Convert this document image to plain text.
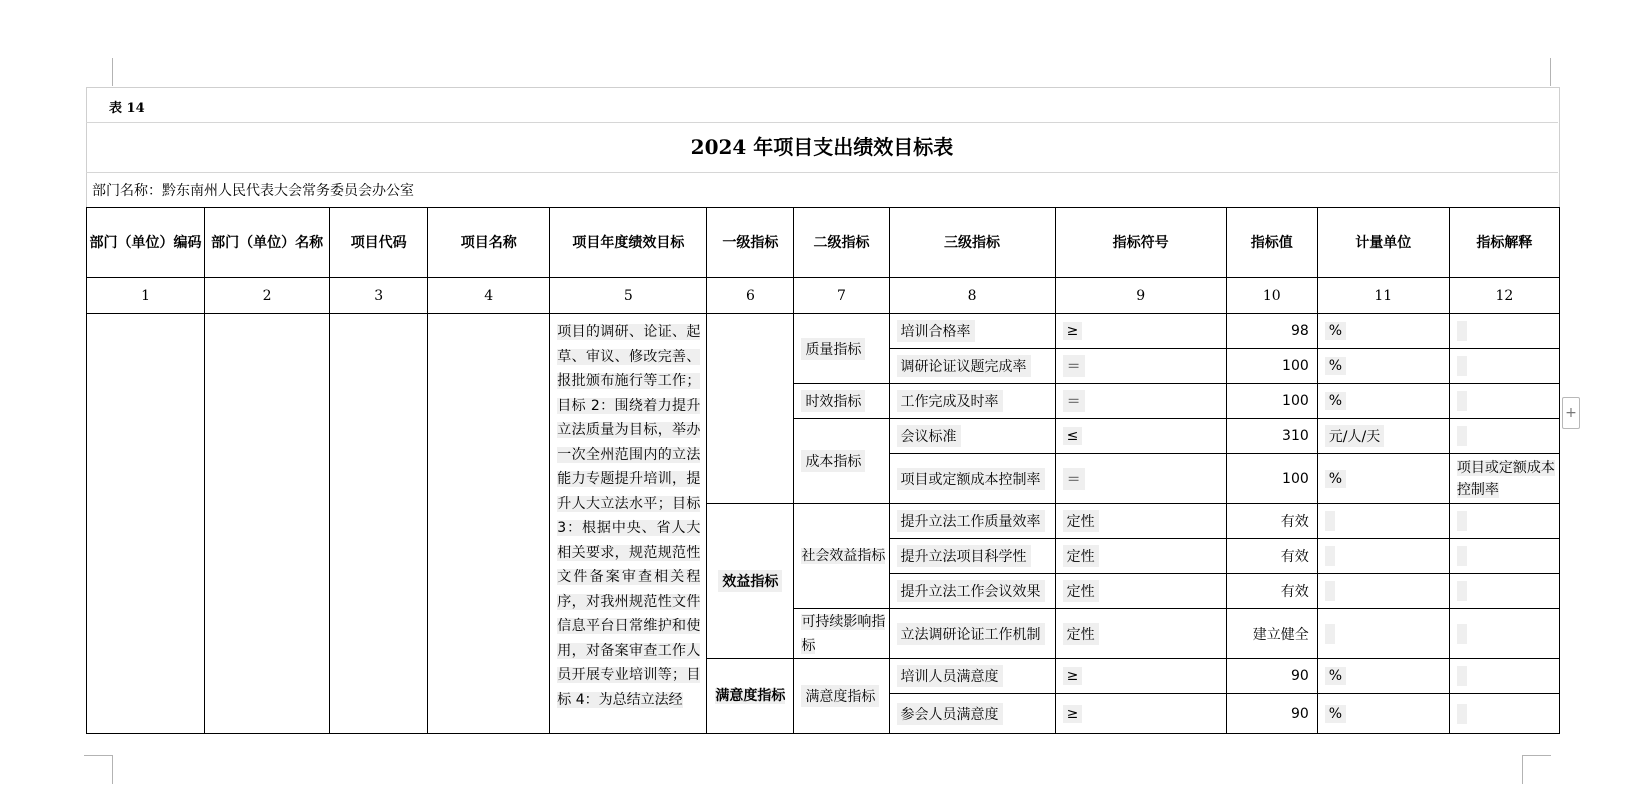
表 14
2024 年项目支出绩效目标表
部门名称：黔东南州人民代表大会常务委员会办公室
部门（单位）编码	部门（单位）名称	项目代码	项目名称	项目年度绩效目标	一级指标	二级指标	三级指标	指标符号	指标值	计量单位	指标解释
1	2	3	4	5	6	7	8	9	10	11	12
				项目的调研、论证、起草、审议、修改完善、报批颁布施行等工作；目标 2：围绕着力提升立法质量为目标，举办一次全州范围内的立法能力专题提升培训，提升人大立法水平；目标 3：根据中央、省人大相关要求，规范规范性文件备案审查相关程序，对我州规范性文件信息平台日常维护和使用，对备案审查工作人员开展专业培训等；目标 4：为总结立法经		质量指标	培训合格率	≥	98	%	
							调研论证议题完成率	＝	100	%	
						时效指标	工作完成及时率	＝	100	%	
						成本指标	会议标准	≤	310	元/人/天	
							项目或定额成本控制率	＝	100	%	项目或定额成本控制率
					效益指标	社会效益指标	提升立法工作质量效率	定性	有效		
							提升立法项目科学性	定性	有效		
							提升立法工作会议效果	定性	有效		
						可持续影响指标	立法调研论证工作机制	定性	建立健全		
					满意度指标	满意度指标	培训人员满意度	≥	90	%	
							参会人员满意度	≥	90	%	
+
